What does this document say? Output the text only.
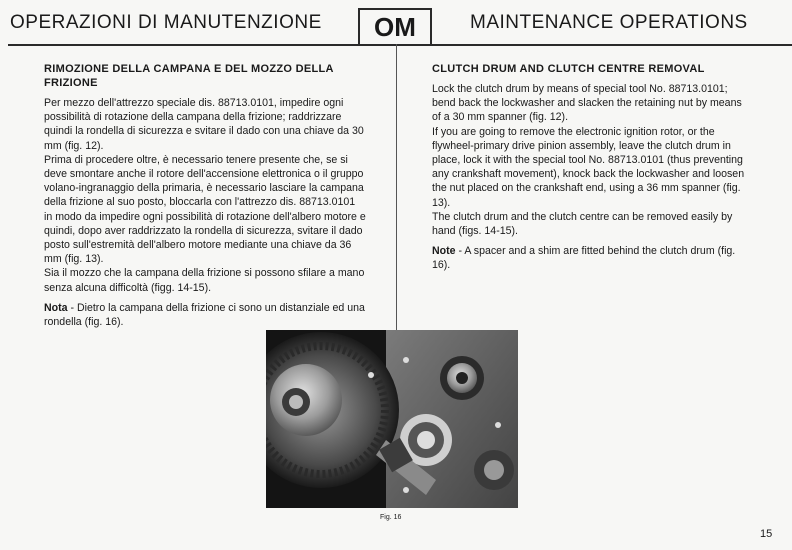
OPERAZIONI DI MANUTENZIONE	OM	MAINTENANCE OPERATIONS
RIMOZIONE DELLA CAMPANA E DEL MOZZO DELLA FRIZIONE

Per mezzo dell'attrezzo speciale dis. 88713.0101, impedire ogni possibilità di rotazione della campana della frizione; raddrizzare quindi la rondella di sicurezza e svitare il dado con una chiave da 30 mm (fig. 12).

Prima di procedere oltre, è necessario tenere presente che, se si deve smontare anche il rotore dell'accensione elettronica o il gruppo volano-ingranaggio della primaria, è necessario lasciare la campana della frizione al suo posto, bloccarla con l'attrezzo dis. 88713.0101 in modo da impedire ogni possibilità di rotazione dell'albero motore e quindi, dopo aver raddrizzato la rondella di sicurezza, svitare il dado posto sull'estremità dell'albero motore mediante una chiave da 36 mm (fig. 13).

Sia il mozzo che la campana della frizione si possono sfilare a mano senza alcuna difficoltà (figg. 14-15).

Nota - Dietro la campana della frizione ci sono un distanziale ed una rondella (fig. 16).

CLUTCH DRUM AND CLUTCH CENTRE REMOVAL

Lock the clutch drum by means of special tool No. 88713.0101; bend back the lockwasher and slacken the retaining nut by means of a 30 mm spanner (fig. 12).

If you are going to remove the electronic ignition rotor, or the flywheel-primary drive pinion assembly, leave the clutch drum in place, lock it with the special tool No. 88713.0101 (thus preventing any crankshaft movement), knock back the lockwasher and loosen the nut placed on the crankshaft end, using a 36 mm spanner (fig. 13).

The clutch drum and the clutch centre can be removed easily by hand (figs. 14-15).

Note - A spacer and a shim are fitted behind the clutch drum (fig. 16).

Fig. 16
15
